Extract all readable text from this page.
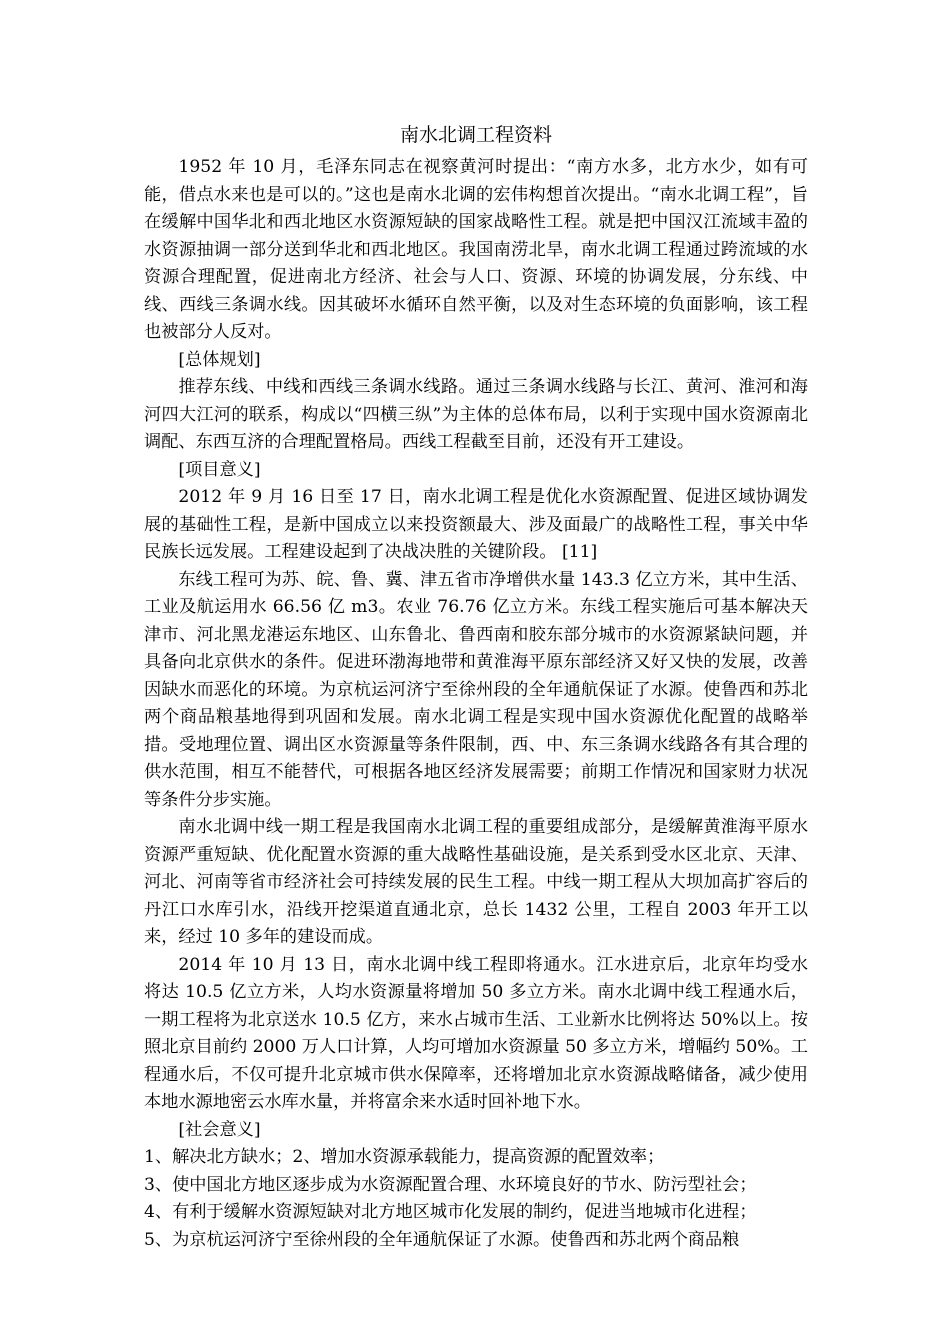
南水北调工程资料

1952 年 10 月，毛泽东同志在视察黄河时提出：“南方水多，北方水少，如有可能，借点水来也是可以的。”这也是南水北调的宏伟构想首次提出。“南水北调工程”，旨在缓解中国华北和西北地区水资源短缺的国家战略性工程。就是把中国汉江流域丰盈的水资源抽调一部分送到华北和西北地区。我国南涝北旱，南水北调工程通过跨流域的水资源合理配置，促进南北方经济、社会与人口、资源、环境的协调发展，分东线、中线、西线三条调水线。因其破坏水循环自然平衡，以及对生态环境的负面影响，该工程也被部分人反对。

[总体规划]

推荐东线、中线和西线三条调水线路。通过三条调水线路与长江、黄河、淮河和海河四大江河的联系，构成以“四横三纵”为主体的总体布局，以利于实现中国水资源南北调配、东西互济的合理配置格局。西线工程截至目前，还没有开工建设。

[项目意义]

2012 年 9 月 16 日至 17 日，南水北调工程是优化水资源配置、促进区域协调发展的基础性工程，是新中国成立以来投资额最大、涉及面最广的战略性工程，事关中华民族长远发展。工程建设起到了决战决胜的关键阶段。 [11]

东线工程可为苏、皖、鲁、冀、津五省市净增供水量 143.3 亿立方米，其中生活、工业及航运用水 66.56 亿 m3。农业 76.76 亿立方米。东线工程实施后可基本解决天津市、河北黑龙港运东地区、山东鲁北、鲁西南和胶东部分城市的水资源紧缺问题，并具备向北京供水的条件。促进环渤海地带和黄淮海平原东部经济又好又快的发展，改善因缺水而恶化的环境。为京杭运河济宁至徐州段的全年通航保证了水源。使鲁西和苏北两个商品粮基地得到巩固和发展。南水北调工程是实现中国水资源优化配置的战略举措。受地理位置、调出区水资源量等条件限制，西、中、东三条调水线路各有其合理的供水范围，相互不能替代，可根据各地区经济发展需要；前期工作情况和国家财力状况等条件分步实施。

南水北调中线一期工程是我国南水北调工程的重要组成部分，是缓解黄淮海平原水资源严重短缺、优化配置水资源的重大战略性基础设施，是关系到受水区北京、天津、河北、河南等省市经济社会可持续发展的民生工程。中线一期工程从大坝加高扩容后的丹江口水库引水，沿线开挖渠道直通北京，总长 1432 公里，工程自 2003 年开工以来，经过 10 多年的建设而成。

2014 年 10 月 13 日，南水北调中线工程即将通水。江水进京后，北京年均受水将达 10.5 亿立方米，人均水资源量将增加 50 多立方米。南水北调中线工程通水后，一期工程将为北京送水 10.5 亿方，来水占城市生活、工业新水比例将达 50%以上。按照北京目前约 2000 万人口计算，人均可增加水资源量 50 多立方米，增幅约 50%。工程通水后，不仅可提升北京城市供水保障率，还将增加北京水资源战略储备，减少使用本地水源地密云水库水量，并将富余来水适时回补地下水。

[社会意义]

1、解决北方缺水；2、增加水资源承载能力，提高资源的配置效率；

3、使中国北方地区逐步成为水资源配置合理、水环境良好的节水、防污型社会；

4、有利于缓解水资源短缺对北方地区城市化发展的制约，促进当地城市化进程；

5、为京杭运河济宁至徐州段的全年通航保证了水源。使鲁西和苏北两个商品粮
